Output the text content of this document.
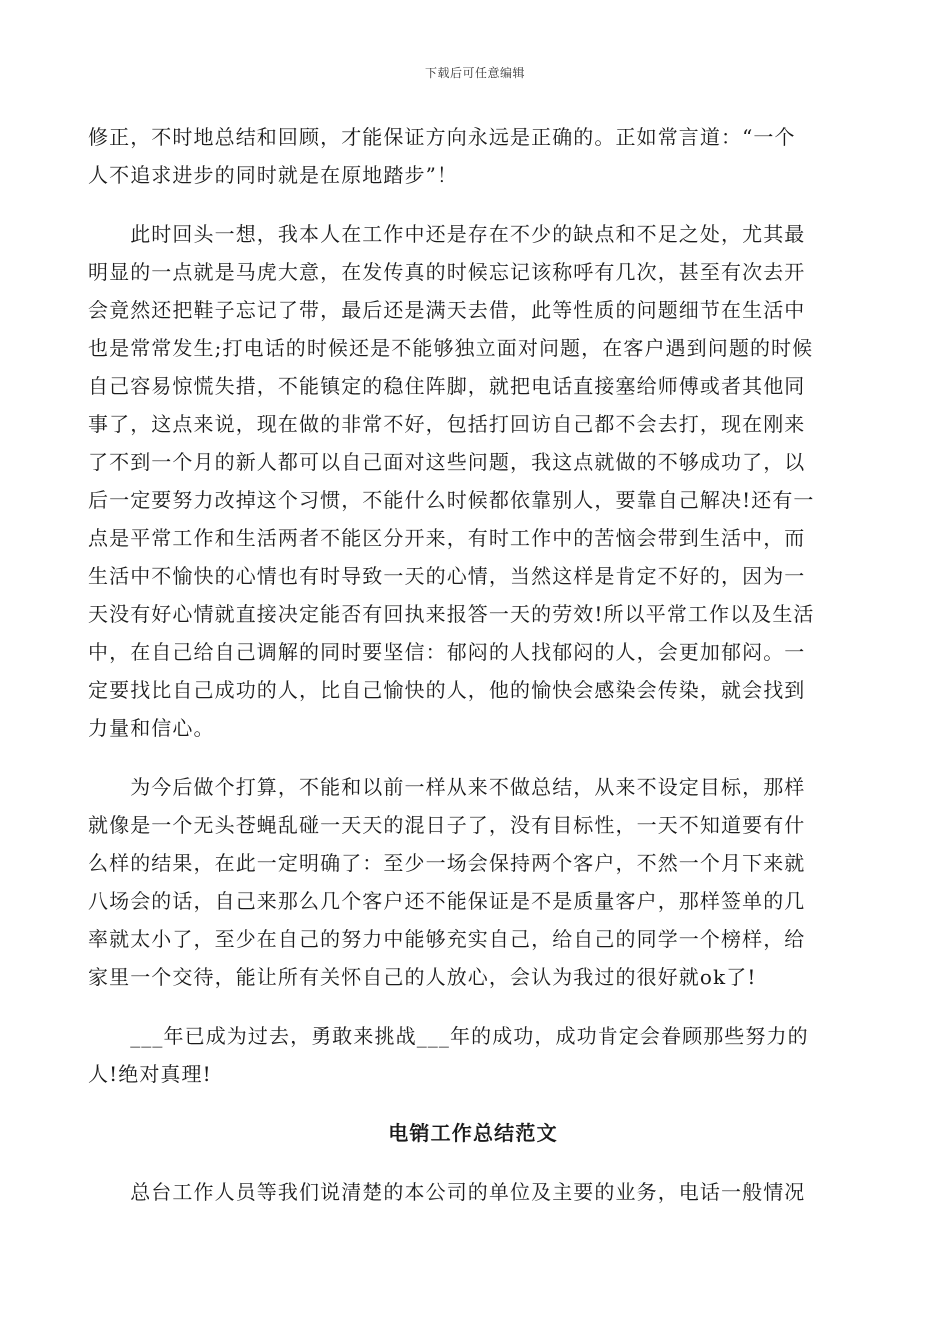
下载后可任意编辑

修正，不时地总结和回顾，才能保证方向永远是正确的。正如常言道：“一个
人不追求进步的同时就是在原地踏步”！

　　此时回头一想，我本人在工作中还是存在不少的缺点和不足之处，尤其最
明显的一点就是马虎大意，在发传真的时候忘记该称呼有几次，甚至有次去开
会竟然还把鞋子忘记了带，最后还是满天去借，此等性质的问题细节在生活中
也是常常发生;打电话的时候还是不能够独立面对问题，在客户遇到问题的时候
自己容易惊慌失措，不能镇定的稳住阵脚，就把电话直接塞给师傅或者其他同
事了，这点来说，现在做的非常不好，包括打回访自己都不会去打，现在刚来
了不到一个月的新人都可以自己面对这些问题，我这点就做的不够成功了，以
后一定要努力改掉这个习惯，不能什么时候都依靠别人，要靠自己解决!还有一
点是平常工作和生活两者不能区分开来，有时工作中的苦恼会带到生活中，而
生活中不愉快的心情也有时导致一天的心情，当然这样是肯定不好的，因为一
天没有好心情就直接决定能否有回执来报答一天的劳效!所以平常工作以及生活
中，在自己给自己调解的同时要坚信：郁闷的人找郁闷的人，会更加郁闷。一
定要找比自己成功的人，比自己愉快的人，他的愉快会感染会传染，就会找到
力量和信心。

　　为今后做个打算，不能和以前一样从来不做总结，从来不设定目标，那样
就像是一个无头苍蝇乱碰一天天的混日子了，没有目标性，一天不知道要有什
么样的结果，在此一定明确了：至少一场会保持两个客户，不然一个月下来就
八场会的话，自己来那么几个客户还不能保证是不是质量客户，那样签单的几
率就太小了，至少在自己的努力中能够充实自己，给自己的同学一个榜样，给
家里一个交待，能让所有关怀自己的人放心，会认为我过的很好就ok了!

　　___年已成为过去，勇敢来挑战___年的成功，成功肯定会眷顾那些努力的
人!绝对真理!

电销工作总结范文

　　总台工作人员等我们说清楚的本公司的单位及主要的业务，电话一般情况
